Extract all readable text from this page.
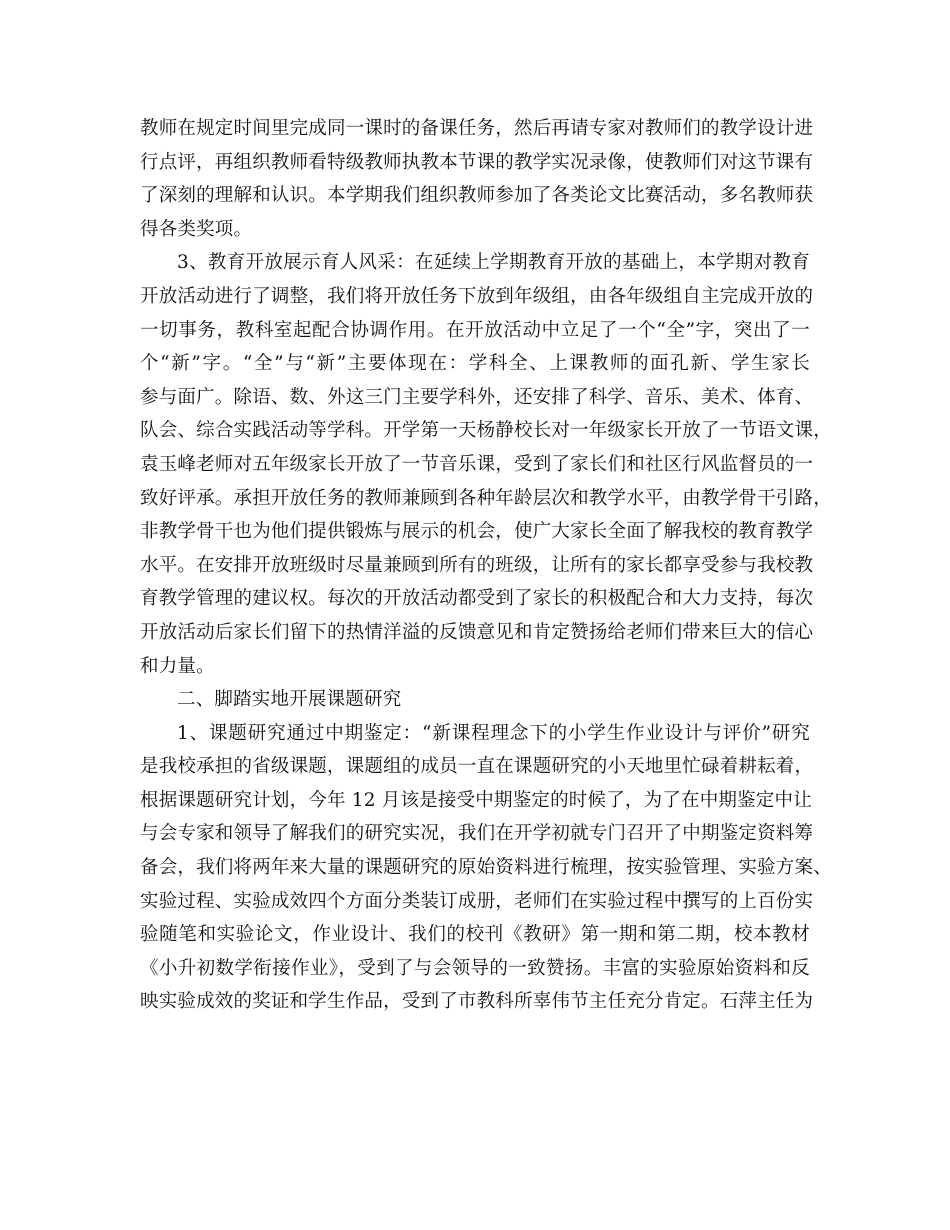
教师在规定时间里完成同一课时的备课任务，然后再请专家对教师们的教学设计进
行点评，再组织教师看特级教师执教本节课的教学实况录像，使教师们对这节课有
了深刻的理解和认识。本学期我们组织教师参加了各类论文比赛活动，多名教师获
得各类奖项。
3、教育开放展示育人风采：在延续上学期教育开放的基础上，本学期对教育
开放活动进行了调整，我们将开放任务下放到年级组，由各年级组自主完成开放的
一切事务，教科室起配合协调作用。在开放活动中立足了一个“全”字，突出了一
个“新”字。“全”与“新”主要体现在：学科全、上课教师的面孔新、学生家长
参与面广。除语、数、外这三门主要学科外，还安排了科学、音乐、美术、体育、
队会、综合实践活动等学科。开学第一天杨静校长对一年级家长开放了一节语文课，
袁玉峰老师对五年级家长开放了一节音乐课，受到了家长们和社区行风监督员的一
致好评承。承担开放任务的教师兼顾到各种年龄层次和教学水平，由教学骨干引路，
非教学骨干也为他们提供锻炼与展示的机会，使广大家长全面了解我校的教育教学
水平。在安排开放班级时尽量兼顾到所有的班级，让所有的家长都享受参与我校教
育教学管理的建议权。每次的开放活动都受到了家长的积极配合和大力支持，每次
开放活动后家长们留下的热情洋溢的反馈意见和肯定赞扬给老师们带来巨大的信心
和力量。
二、脚踏实地开展课题研究
1、课题研究通过中期鉴定：“新课程理念下的小学生作业设计与评价”研究
是我校承担的省级课题，课题组的成员一直在课题研究的小天地里忙碌着耕耘着，
根据课题研究计划，今年 12 月该是接受中期鉴定的时候了，为了在中期鉴定中让
与会专家和领导了解我们的研究实况，我们在开学初就专门召开了中期鉴定资料筹
备会，我们将两年来大量的课题研究的原始资料进行梳理，按实验管理、实验方案、
实验过程、实验成效四个方面分类装订成册，老师们在实验过程中撰写的上百份实
验随笔和实验论文，作业设计、我们的校刊《教研》第一期和第二期，校本教材
《小升初数学衔接作业》，受到了与会领导的一致赞扬。丰富的实验原始资料和反
映实验成效的奖证和学生作品，受到了市教科所辜伟节主任充分肯定。石萍主任为
